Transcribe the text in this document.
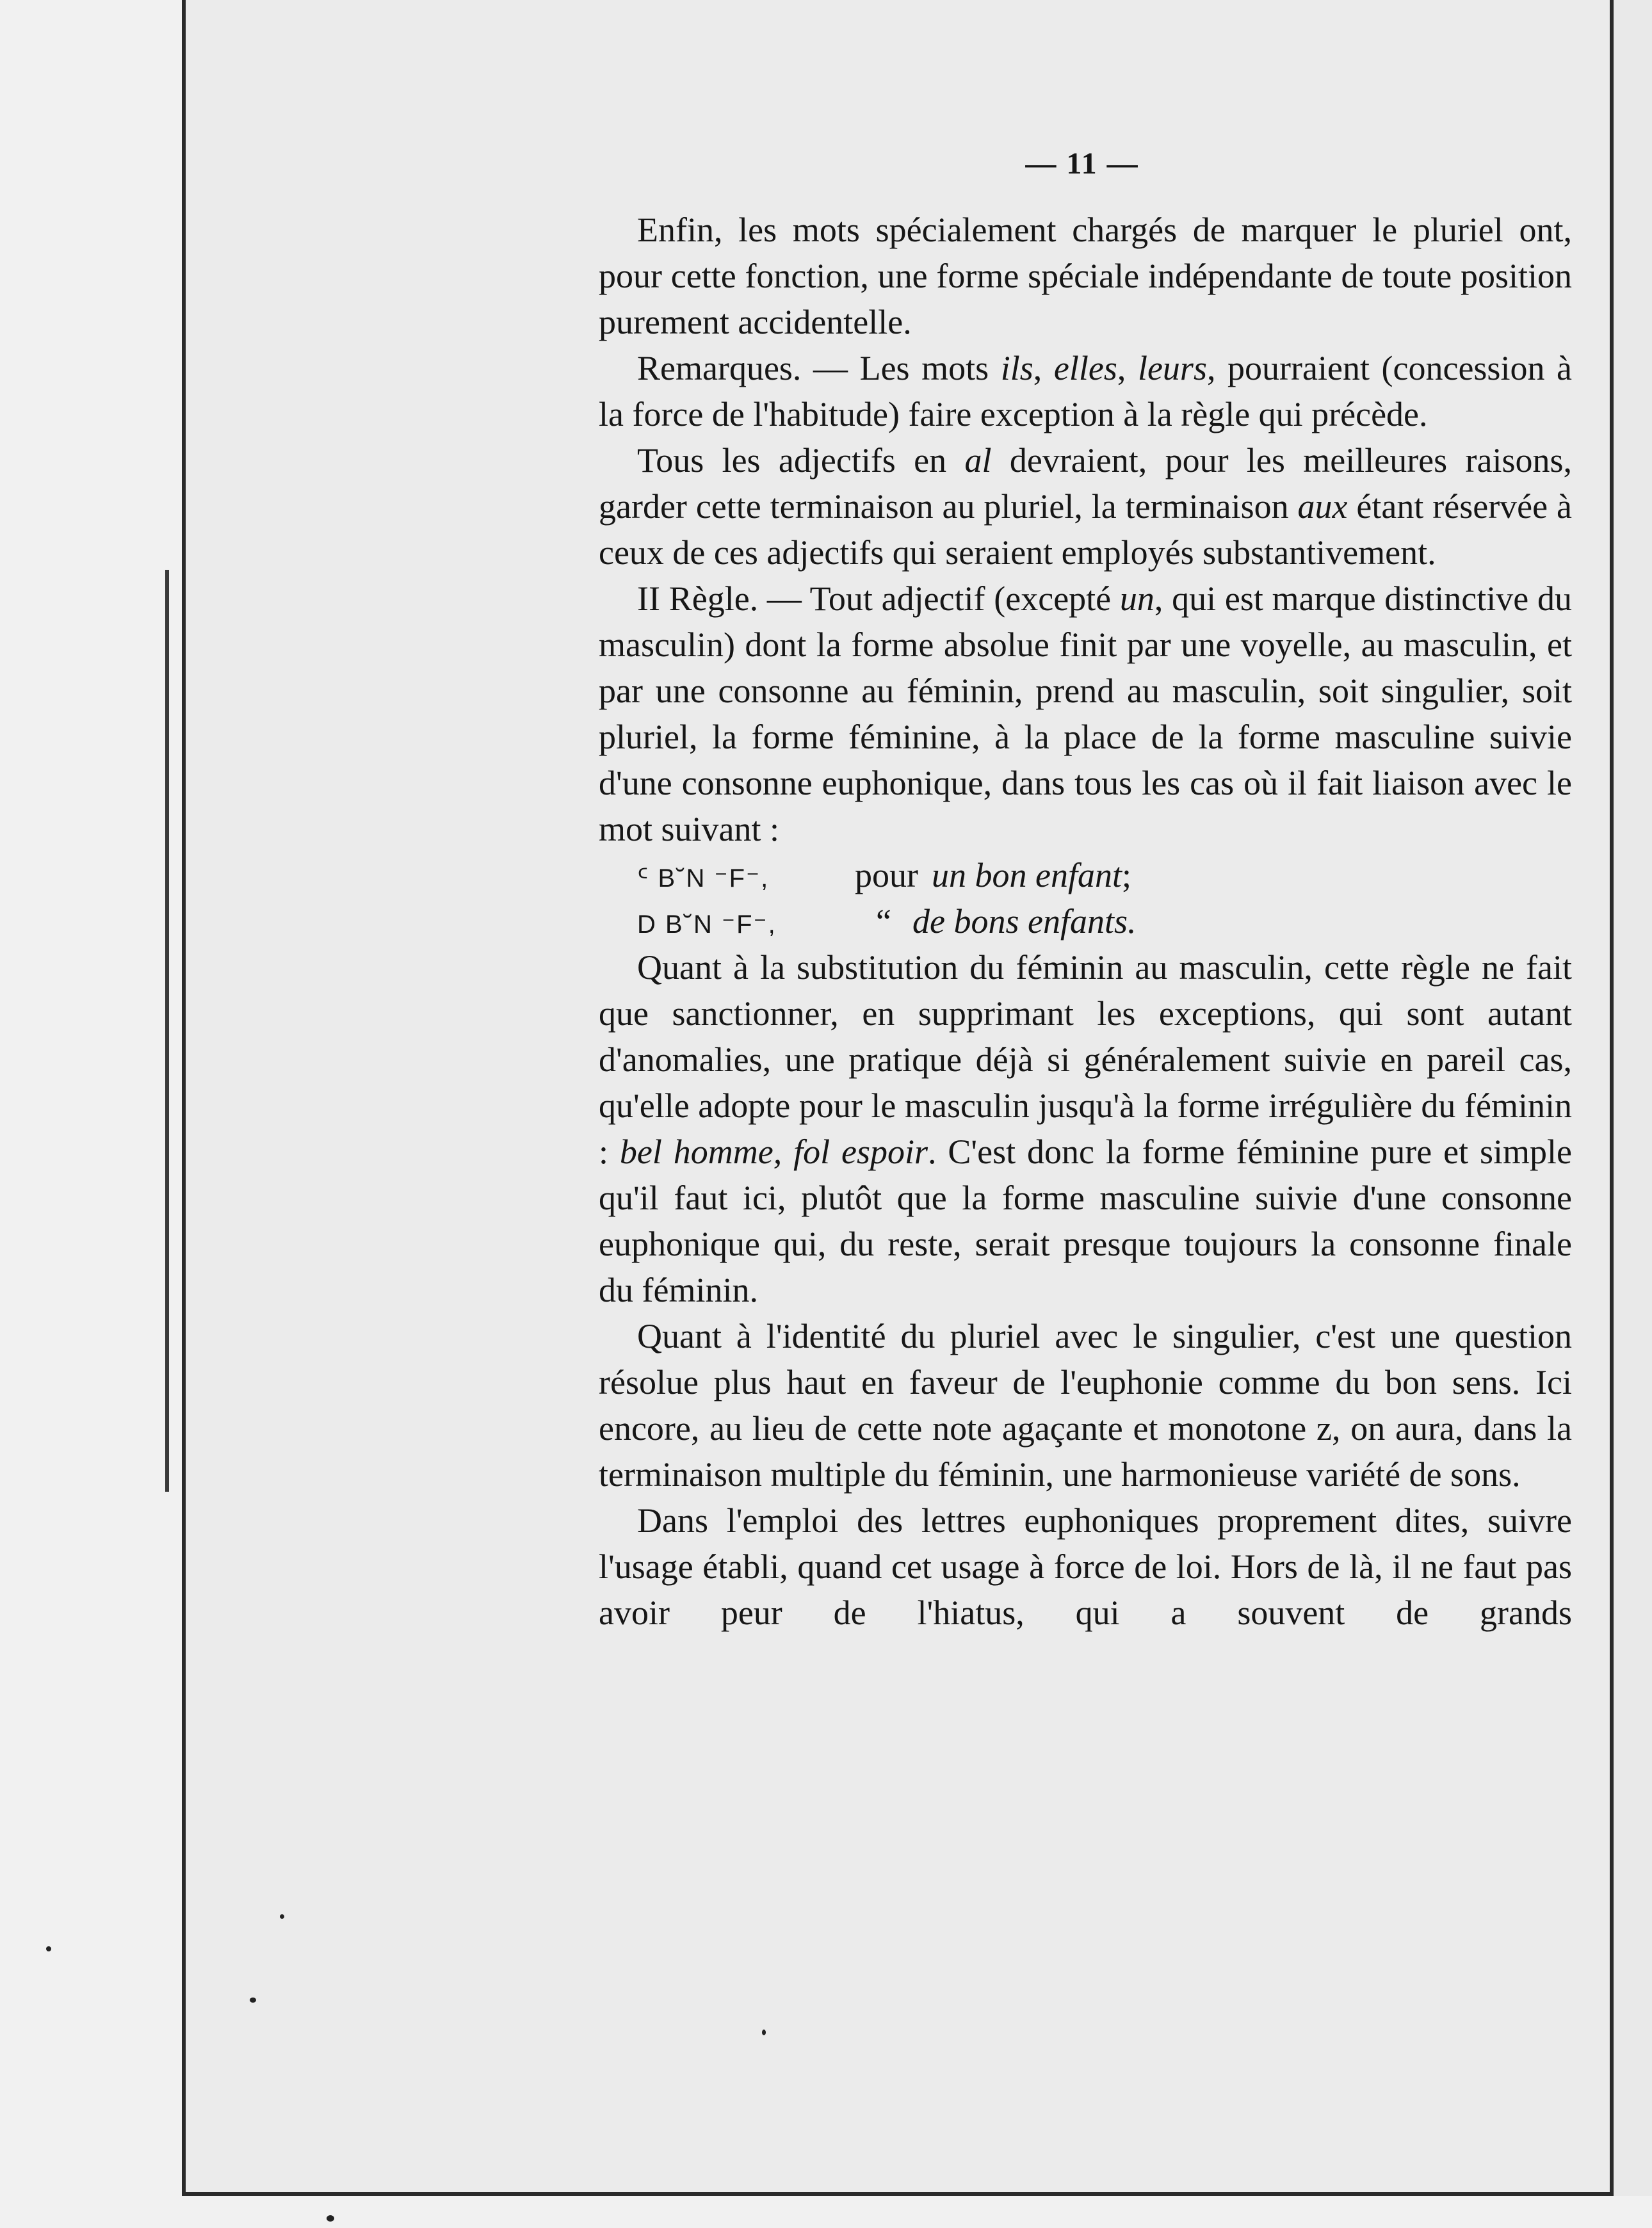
— 11 —

Enfin, les mots spécialement chargés de marquer le pluriel ont, pour cette fonction, une forme spéciale indépendante de toute position purement accidentelle.

Remarques. — Les mots ils, elles, leurs, pourraient (concession à la force de l'habitude) faire exception à la règle qui précède.

Tous les adjectifs en al devraient, pour les meilleures raisons, garder cette terminaison au pluriel, la terminaison aux étant réservée à ceux de ces adjectifs qui seraient employés substantivement.

II Règle. — Tout adjectif (excepté un, qui est marque distinctive du masculin) dont la forme absolue finit par une voyelle, au masculin, et par une consonne au féminin, prend au masculin, soit singulier, soit pluriel, la forme féminine, à la place de la forme masculine suivie d'une consonne euphonique, dans tous les cas où il fait liaison avec le mot suivant :

ᑦ B˘N ⁻F⁻,	pour un bon enfant ;
D B˘N ⁻F⁻,	“ de bons enfants.

Quant à la substitution du féminin au masculin, cette règle ne fait que sanctionner, en supprimant les exceptions, qui sont autant d'anomalies, une pratique déjà si généralement suivie en pareil cas, qu'elle adopte pour le masculin jusqu'à la forme irrégulière du féminin : bel homme, fol espoir. C'est donc la forme féminine pure et simple qu'il faut ici, plutôt que la forme masculine suivie d'une consonne euphonique qui, du reste, serait presque toujours la consonne finale du féminin.

Quant à l'identité du pluriel avec le singulier, c'est une question résolue plus haut en faveur de l'euphonie comme du bon sens. Ici encore, au lieu de cette note agaçante et monotone z, on aura, dans la terminaison multiple du féminin, une harmonieuse variété de sons.

Dans l'emploi des lettres euphoniques proprement dites, suivre l'usage établi, quand cet usage à force de loi. Hors de là, il ne faut pas avoir peur de l'hiatus, qui a souvent de grands
